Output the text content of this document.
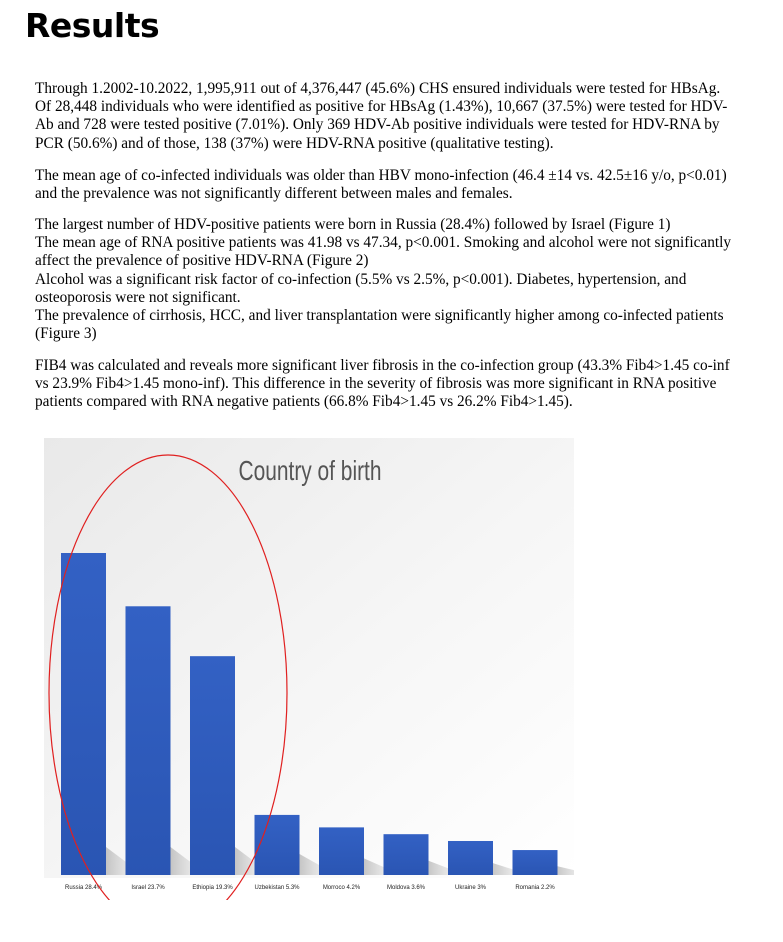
Results

Through 1.2002-10.2022, 1,995,911 out of 4,376,447 (45.6%) CHS ensured individuals were tested for HBsAg.
Of 28,448 individuals who were identified as positive for HBsAg (1.43%), 10,667 (37.5%) were tested for HDV-
Ab and 728 were tested positive (7.01%). Only 369 HDV-Ab positive individuals were tested for HDV-RNA by
PCR (50.6%) and of those, 138 (37%) were HDV-RNA positive (qualitative testing).

The mean age of co-infected individuals was older than HBV mono-infection (46.4 ±14 vs. 42.5±16 y/o, p<0.01)
and the prevalence was not significantly different between males and females.

The largest number of HDV-positive patients were born in Russia (28.4%) followed by Israel (Figure 1)
The mean age of RNA positive patients was 41.98 vs 47.34, p<0.001. Smoking and alcohol were not significantly
affect the prevalence of positive HDV-RNA (Figure 2)
Alcohol was a significant risk factor of co-infection (5.5% vs 2.5%, p<0.001). Diabetes, hypertension, and
osteoporosis were not significant.
The prevalence of cirrhosis, HCC, and liver transplantation were significantly higher among co-infected patients
(Figure 3)

FIB4 was calculated and reveals more significant liver fibrosis in the co-infection group (43.3% Fib4>1.45 co-inf
vs 23.9% Fib4>1.45 mono-inf). This difference in the severity of fibrosis was more significant in RNA positive
patients compared with RNA negative patients (66.8% Fib4>1.45 vs 26.2% Fib4>1.45).

Country of birth
Russia 28.4%	Israel 23.7%	Ethiopia 19.3%	Uzbekistan 5.3%	Morroco 4.2%	Moldova 3.6%	Ukraine 3%	Romania 2.2%
